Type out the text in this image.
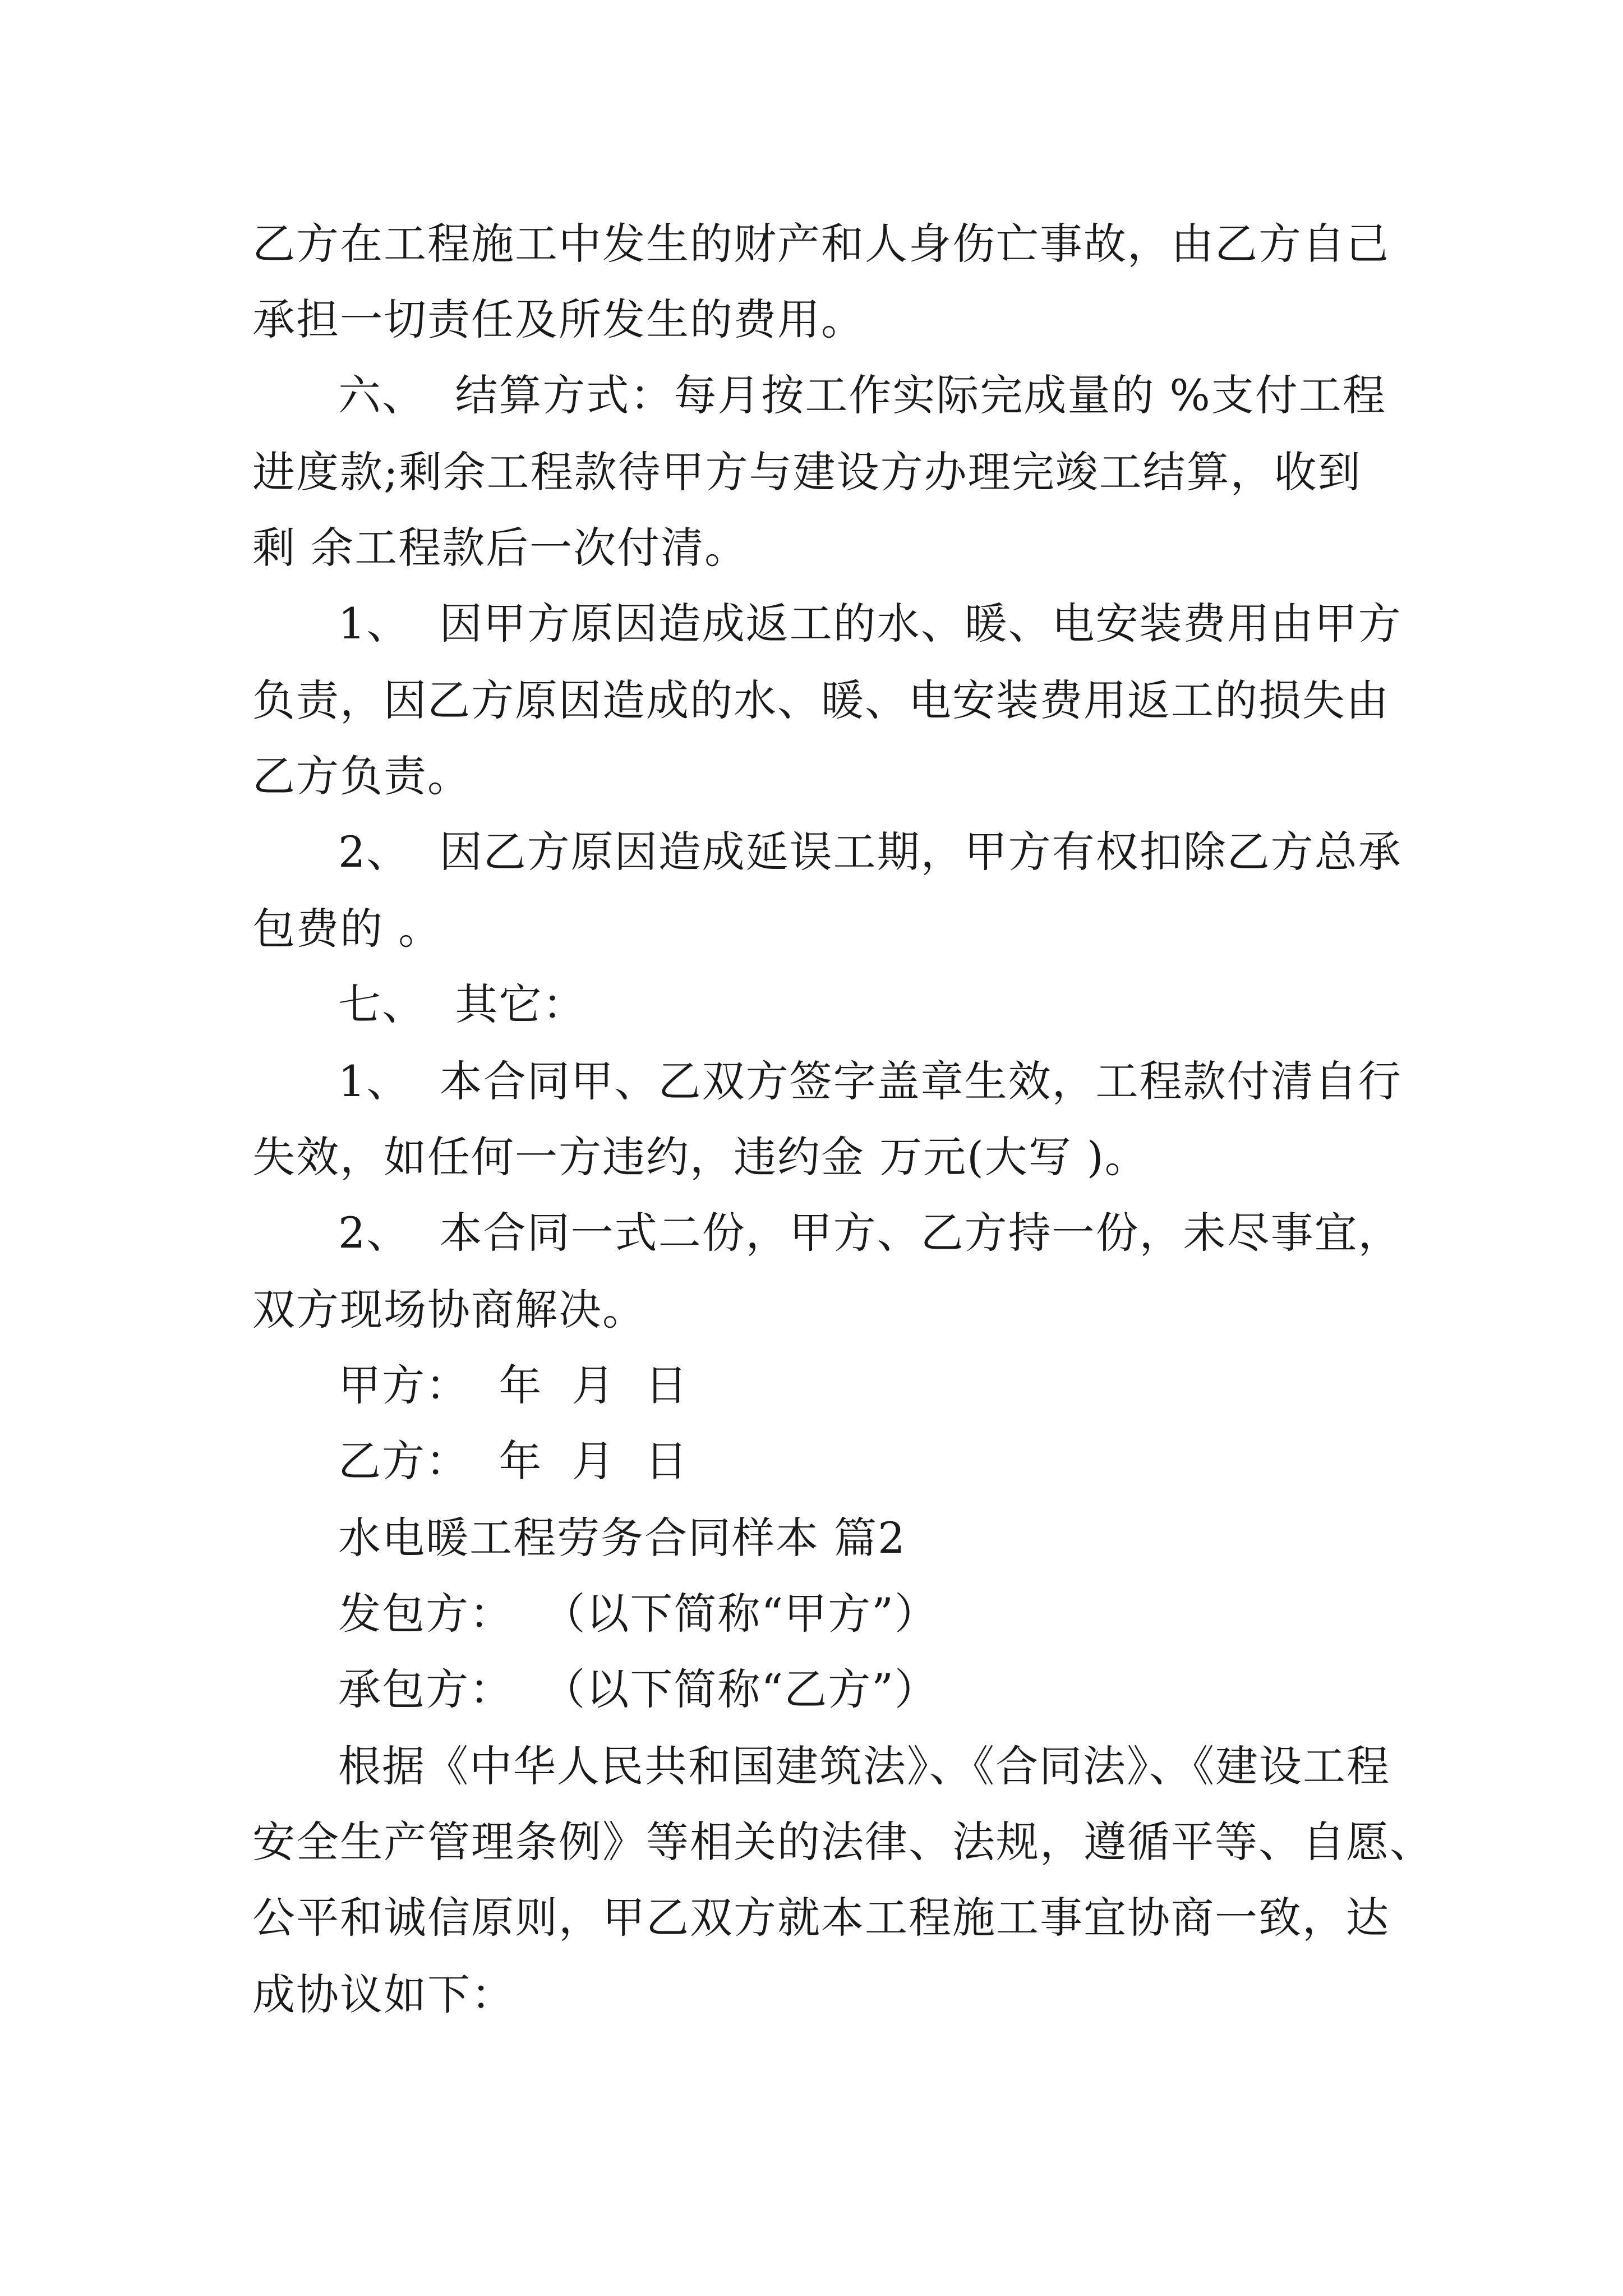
乙方在工程施工中发生的财产和人身伤亡事故，由乙方自己
承担一切责任及所发生的费用。
六、  结算方式：每月按工作实际完成量的 %支付工程
进度款;剩余工程款待甲方与建设方办理完竣工结算，收到
剩 余工程款后一次付清。
1、  因甲方原因造成返工的水、暖、电安装费用由甲方
负责，因乙方原因造成的水、暖、电安装费用返工的损失由
乙方负责。
2、  因乙方原因造成延误工期，甲方有权扣除乙方总承
包费的 。
七、  其它：
1、  本合同甲、乙双方签字盖章生效，工程款付清自行
失效，如任何一方违约，违约金 万元(大写 )。
2、  本合同一式二份，甲方、乙方持一份，未尽事宜，
双方现场协商解决。
甲方：  年  月  日
乙方：  年  月  日
水电暖工程劳务合同样本 篇2
发包方：  （以下简称“甲方”）
承包方：  （以下简称“乙方”）
根据《中华人民共和国建筑法》、《合同法》、《建设工程
安全生产管理条例》等相关的法律、法规，遵循平等、自愿、
公平和诚信原则，甲乙双方就本工程施工事宜协商一致，达
成协议如下：
